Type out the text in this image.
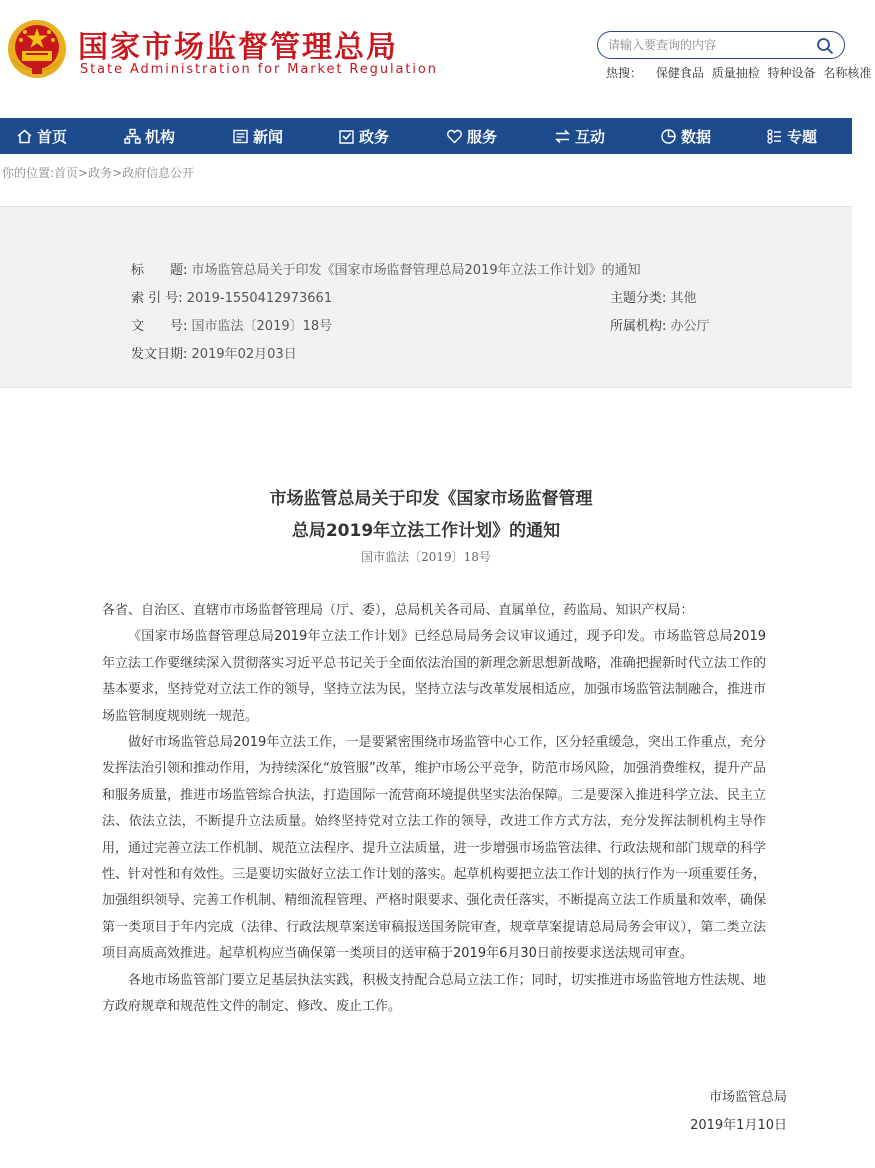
国家市场监督管理总局
State Administration for Market Regulation
请输入要查询的内容	热搜： 保健食品 质量抽检 特种设备 名称核准
首页	机构	新闻	政务	服务	互动	数据	专题
你的位置:首页>政务>政府信息公开
标　　题: 市场监管总局关于印发《国家市场监督管理总局2019年立法工作计划》的通知
索 引 号: 2019-1550412973661	主题分类: 其他
文　　号: 国市监法〔2019〕18号	所属机构: 办公厅
发文日期: 2019年02月03日
市场监管总局关于印发《国家市场监督管理
总局2019年立法工作计划》的通知
国市监法〔2019〕18号

各省、自治区、直辖市市场监督管理局（厅、委），总局机关各司局、直属单位，药监局、知识产权局：

《国家市场监督管理总局2019年立法工作计划》已经总局局务会议审议通过，现予印发。市场监管总局2019年立法工作要继续深入贯彻落实习近平总书记关于全面依法治国的新理念新思想新战略，准确把握新时代立法工作的基本要求，坚持党对立法工作的领导，坚持立法为民，坚持立法与改革发展相适应，加强市场监管法制融合，推进市场监管制度规则统一规范。

做好市场监管总局2019年立法工作，一是要紧密围绕市场监管中心工作，区分轻重缓急，突出工作重点，充分发挥法治引领和推动作用，为持续深化“放管服”改革，维护市场公平竞争，防范市场风险，加强消费维权，提升产品和服务质量，推进市场监管综合执法，打造国际一流营商环境提供坚实法治保障。二是要深入推进科学立法、民主立法、依法立法，不断提升立法质量。始终坚持党对立法工作的领导，改进工作方式方法，充分发挥法制机构主导作用，通过完善立法工作机制、规范立法程序、提升立法质量，进一步增强市场监管法律、行政法规和部门规章的科学性、针对性和有效性。三是要切实做好立法工作计划的落实。起草机构要把立法工作计划的执行作为一项重要任务，加强组织领导、完善工作机制、精细流程管理、严格时限要求、强化责任落实，不断提高立法工作质量和效率，确保第一类项目于年内完成（法律、行政法规草案送审稿报送国务院审查，规章草案提请总局局务会审议），第二类立法项目高质高效推进。起草机构应当确保第一类项目的送审稿于2019年6月30日前按要求送法规司审查。

各地市场监管部门要立足基层执法实践，积极支持配合总局立法工作；同时，切实推进市场监管地方性法规、地方政府规章和规范性文件的制定、修改、废止工作。

市场监管总局
2019年1月10日
